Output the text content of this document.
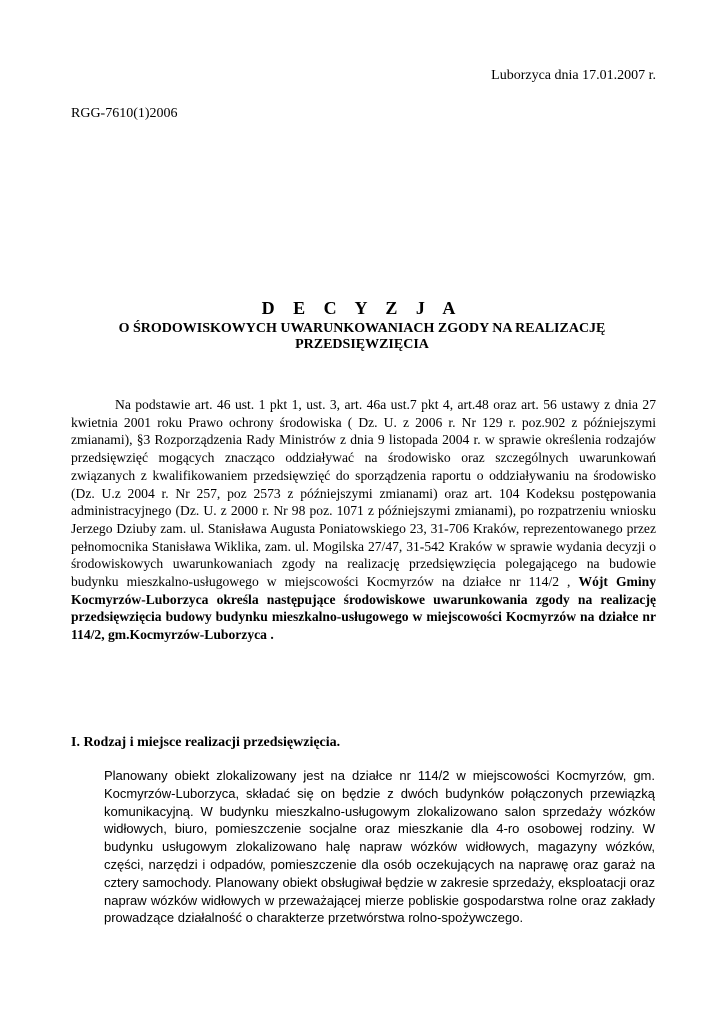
Luborzyca dnia 17.01.2007 r.
RGG-7610(1)2006
D E C Y Z J A
O ŚRODOWISKOWYCH UWARUNKOWANIACH ZGODY NA REALIZACJĘ
PRZEDSIĘWZIĘCIA

Na podstawie art. 46 ust. 1 pkt 1, ust. 3, art. 46a ust.7 pkt 4, art.48 oraz art. 56 ustawy z dnia 27 kwietnia 2001 roku Prawo ochrony środowiska ( Dz. U. z 2006 r. Nr 129 r. poz.902 z późniejszymi zmianami), §3 Rozporządzenia Rady Ministrów z dnia 9 listopada 2004 r. w sprawie określenia rodzajów przedsięwzięć mogących znacząco oddziaływać na środowisko oraz szczególnych uwarunkowań związanych z kwalifikowaniem przedsięwzięć do sporządzenia raportu o oddziaływaniu na środowisko (Dz. U.z 2004 r. Nr 257, poz 2573 z późniejszymi zmianami) oraz art. 104 Kodeksu postępowania administracyjnego (Dz. U. z 2000 r. Nr 98 poz. 1071 z późniejszymi zmianami), po rozpatrzeniu wniosku Jerzego Dziuby zam. ul. Stanisława Augusta Poniatowskiego 23, 31-706 Kraków, reprezentowanego przez pełnomocnika Stanisława Wiklika, zam. ul. Mogilska 27/47, 31-542 Kraków w sprawie wydania decyzji o środowiskowych uwarunkowaniach zgody na realizację przedsięwzięcia polegającego na budowie budynku mieszkalno-usługowego w miejscowości Kocmyrzów na działce nr 114/2 , Wójt Gminy Kocmyrzów-Luborzyca określa następujące środowiskowe uwarunkowania zgody na realizację przedsięwzięcia budowy budynku mieszkalno-usługowego w miejscowości Kocmyrzów na działce nr 114/2, gm.Kocmyrzów-Luborzyca .

I. Rodzaj i miejsce realizacji przedsięwzięcia.

Planowany obiekt zlokalizowany jest na działce nr 114/2 w miejscowości Kocmyrzów, gm. Kocmyrzów-Luborzyca, składać się on będzie z dwóch budynków połączonych przewiązką komunikacyjną. W budynku mieszkalno-usługowym zlokalizowano salon sprzedaży wózków widłowych, biuro, pomieszczenie socjalne oraz mieszkanie dla 4-ro osobowej rodziny. W budynku usługowym zlokalizowano halę napraw wózków widłowych, magazyny wózków, części, narzędzi i odpadów, pomieszczenie dla osób oczekujących na naprawę oraz garaż na cztery samochody. Planowany obiekt obsługiwał będzie w zakresie sprzedaży, eksploatacji oraz napraw wózków widłowych w przeważającej mierze pobliskie gospodarstwa rolne oraz zakłady prowadzące działalność o charakterze przetwórstwa rolno-spożywczego.
